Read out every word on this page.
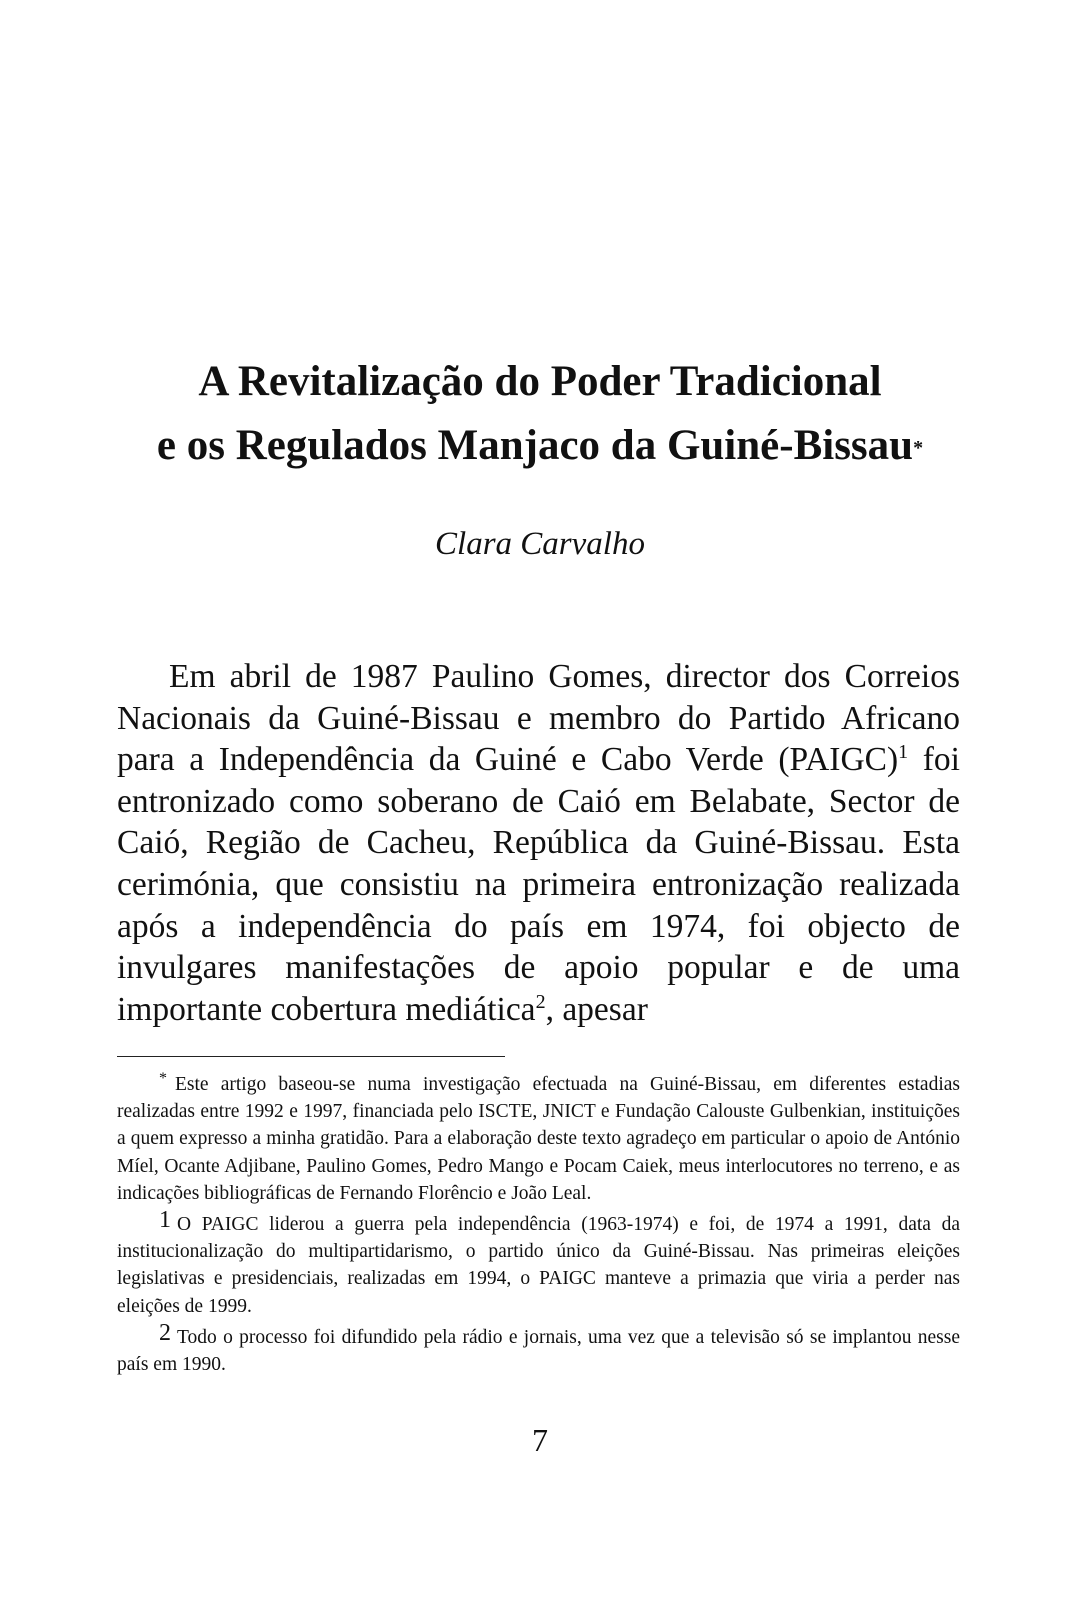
A Revitalização do Poder Tradicional
e os Regulados Manjaco da Guiné-Bissau*
Clara Carvalho

Em abril de 1987 Paulino Gomes, director dos Correios Nacionais da Guiné-Bissau e membro do Partido Africano para a Independência da Guiné e Cabo Verde (PAIGC)$^1$ foi entronizado como soberano de Caió em Belabate, Sector de Caió, Região de Cacheu, República da Guiné-Bissau. Esta cerimónia, que consistiu na primeira entronização realizada após a independência do país em 1974, foi objecto de invulgares manifestações de apoio popular e de uma importante cobertura mediática$^2$, apesar

* Este artigo baseou-se numa investigação efectuada na Guiné-Bissau, em diferentes estadias realizadas entre 1992 e 1997, financiada pelo ISCTE, JNICT e Fundação Calouste Gulbenkian, instituições a quem expresso a minha gratidão. Para a elaboração deste texto agradeço em particular o apoio de António Míel, Ocante Adjibane, Paulino Gomes, Pedro Mango e Pocam Caiek, meus interlocutores no terreno, e as indicações bibliográficas de Fernando Florêncio e João Leal.

1 O PAIGC liderou a guerra pela independência (1963-1974) e foi, de 1974 a 1991, data da institucionalização do multipartidarismo, o partido único da Guiné-Bissau. Nas primeiras eleições legislativas e presidenciais, realizadas em 1994, o PAIGC manteve a primazia que viria a perder nas eleições de 1999.

2 Todo o processo foi difundido pela rádio e jornais, uma vez que a televisão só se implantou nesse país em 1990.

7
